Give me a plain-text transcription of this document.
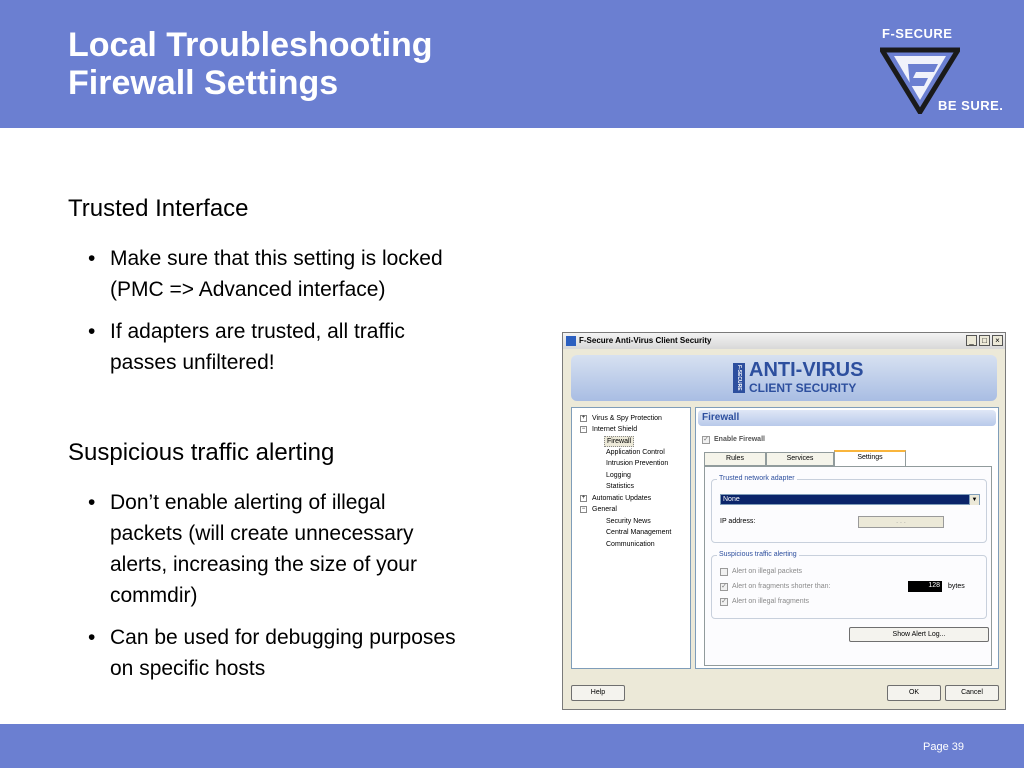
Local Troubleshooting
Firewall Settings
F-SECURE
BE SURE.
Trusted Interface
• Make sure that this setting is locked
(PMC => Advanced interface)
• If adapters are trusted, all traffic
passes unfiltered!
Suspicious traffic alerting
• Don’t enable alerting of illegal
packets (will create unnecessary
alerts, increasing the size of your
commdir)
• Can be used for debugging purposes
on specific hosts
F-Secure Anti-Virus Client Security	_	□	×
F-SECURE ANTI-VIRUS
CLIENT SECURITY
+ Virus & Spy Protection
− Internet Shield
Firewall
Application Control
Intrusion Prevention
Logging
Statistics
+ Automatic Updates
− General
Security News
Central Management
Communication
Firewall
✓ Enable Firewall
Rules	Services	Settings
Trusted network adapter
None	▼
IP address:	. . .
Suspicious traffic alerting
Alert on illegal packets
✓ Alert on fragments shorter than:	128 bytes
✓ Alert on illegal fragments
Show Alert Log...
Help	OK	Cancel
Page 39
